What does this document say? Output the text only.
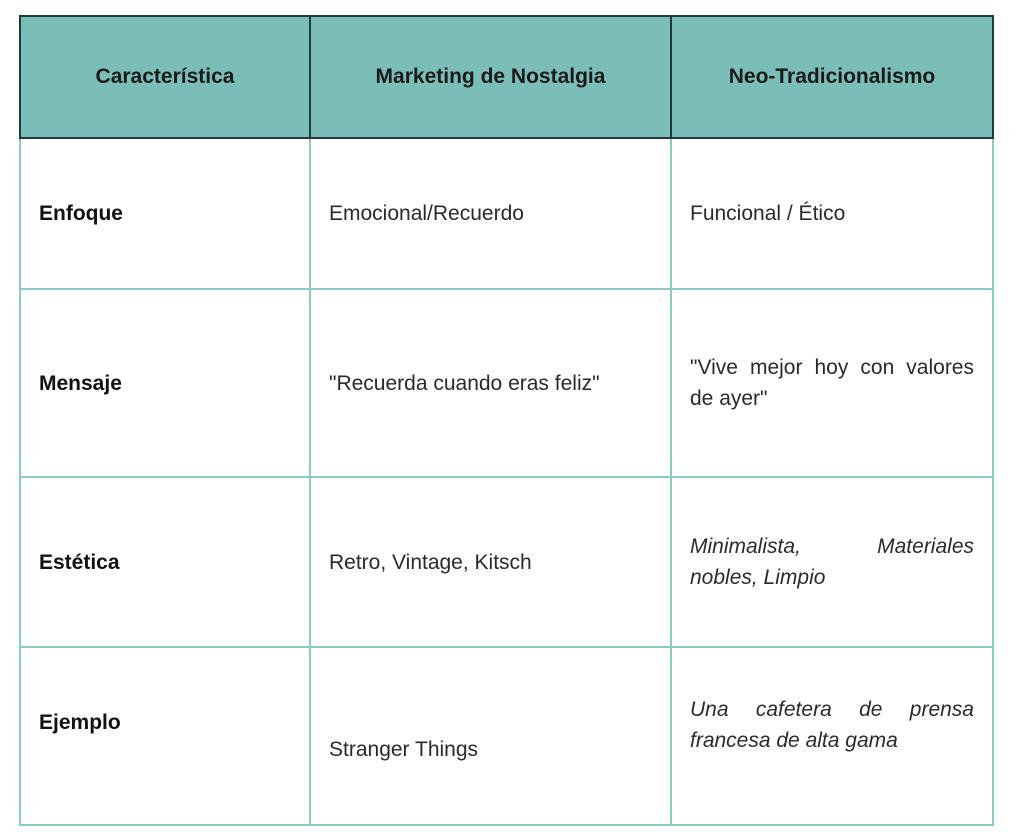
Característica	Marketing de Nostalgia	Neo-Tradicionalismo
Enfoque	Emocional/Recuerdo	Funcional / Ético
Mensaje	"Recuerda cuando eras feliz"	"Vive mejor hoy con valores de ayer"
Estética	Retro, Vintage, Kitsch	Minimalista, Materiales nobles, Limpio
Ejemplo	Stranger Things	Una cafetera de prensa francesa de alta gama
